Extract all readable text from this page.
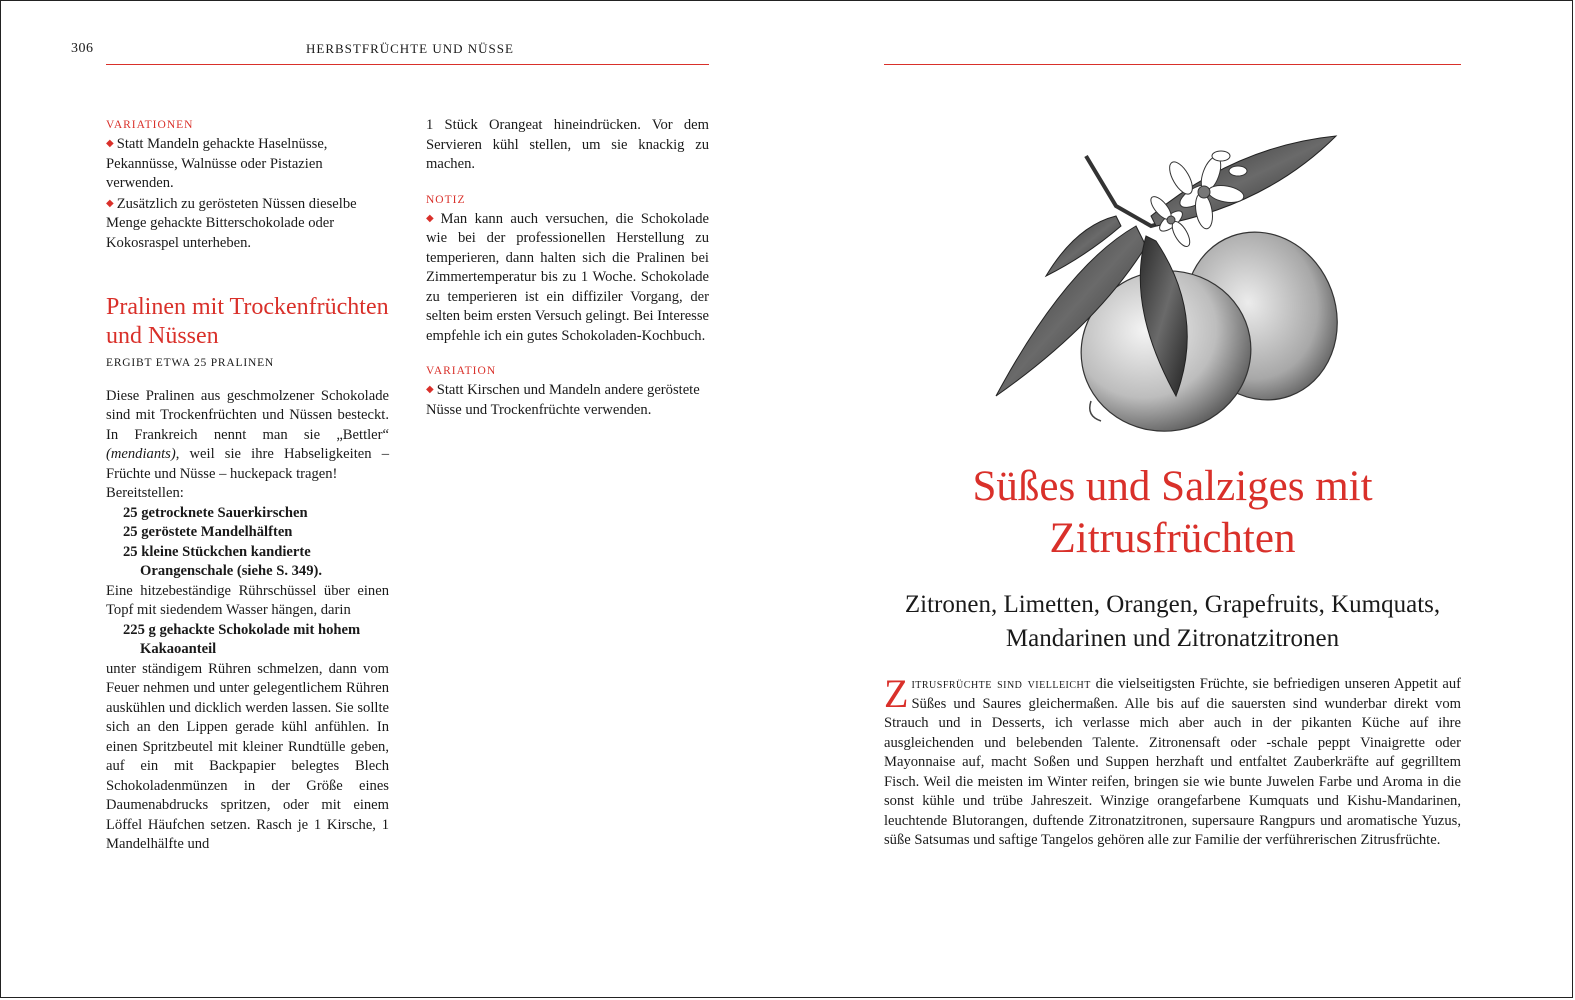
306	HERBSTFRÜCHTE UND NÜSSE
VARIATIONEN

◆ Statt Mandeln gehackte Haselnüsse, Pekannüsse, Walnüsse oder Pistazien verwenden.

◆ Zusätzlich zu gerösteten Nüssen dieselbe Menge gehackte Bitterschokolade oder Kokosraspel unterheben.

Pralinen mit Trockenfrüchten und Nüssen
ERGIBT ETWA 25 PRALINEN

Diese Pralinen aus geschmolzener Schokolade sind mit Trockenfrüchten und Nüssen besteckt. In Frankreich nennt man sie „Bettler“ (mendiants), weil sie ihre Habseligkeiten – Früchte und Nüsse – huckepack tragen!

Bereitstellen:

25 getrocknete Sauerkirschen
25 geröstete Mandelhälften
25 kleine Stückchen kandierte
Orangenschale (siehe S. 349).

Eine hitzebeständige Rührschüssel über einen Topf mit siedendem Wasser hängen, darin

225 g gehackte Schokolade mit hohem
Kakaoanteil

unter ständigem Rühren schmelzen, dann vom Feuer nehmen und unter gelegentlichem Rühren auskühlen und dicklich werden lassen. Sie sollte sich an den Lippen gerade kühl anfühlen. In einen Spritzbeutel mit kleiner Rundtülle geben, auf ein mit Backpapier belegtes Blech Schokoladenmünzen in der Größe eines Daumenabdrucks spritzen, oder mit einem Löffel Häufchen setzen. Rasch je 1 Kirsche, 1 Mandelhälfte und

1 Stück Orangeat hineindrücken. Vor dem Servieren kühl stellen, um sie knackig zu machen.

NOTIZ

◆ Man kann auch versuchen, die Schokolade wie bei der professionellen Herstellung zu temperieren, dann halten sich die Pralinen bei Zimmertemperatur bis zu 1 Woche. Schokolade zu temperieren ist ein diffiziler Vorgang, der selten beim ersten Versuch gelingt. Bei Interesse empfehle ich ein gutes Schokoladen-Kochbuch.

VARIATION

◆ Statt Kirschen und Mandeln andere geröstete Nüsse und Trockenfrüchte verwenden.

Süßes und Salziges mit
Zitrusfrüchten
Zitronen, Limetten, Orangen, Grapefruits, Kumquats,
Mandarinen und Zitronatzitronen
Zitrusfrüchte sind vielleicht die vielseitigsten Früchte, sie befriedigen unseren Appetit auf Süßes und Saures gleichermaßen. Alle bis auf die sauersten sind wunderbar direkt vom Strauch und in Desserts, ich verlasse mich aber auch in der pikanten Küche auf ihre ausgleichenden und belebenden Talente. Zitronensaft oder -schale peppt Vinaigrette oder Mayonnaise auf, macht Soßen und Suppen herzhaft und entfaltet Zauberkräfte auf gegrilltem Fisch. Weil die meisten im Winter reifen, bringen sie wie bunte Juwelen Farbe und Aroma in die sonst kühle und trübe Jahreszeit. Winzige orangefarbene Kumquats und Kishu-Mandarinen, leuchtende Blutorangen, duftende Zitronatzitronen, supersaure Rangpurs und aromatische Yuzus, süße Satsumas und saftige Tangelos gehören alle zur Familie der verführerischen Zitrusfrüchte.
